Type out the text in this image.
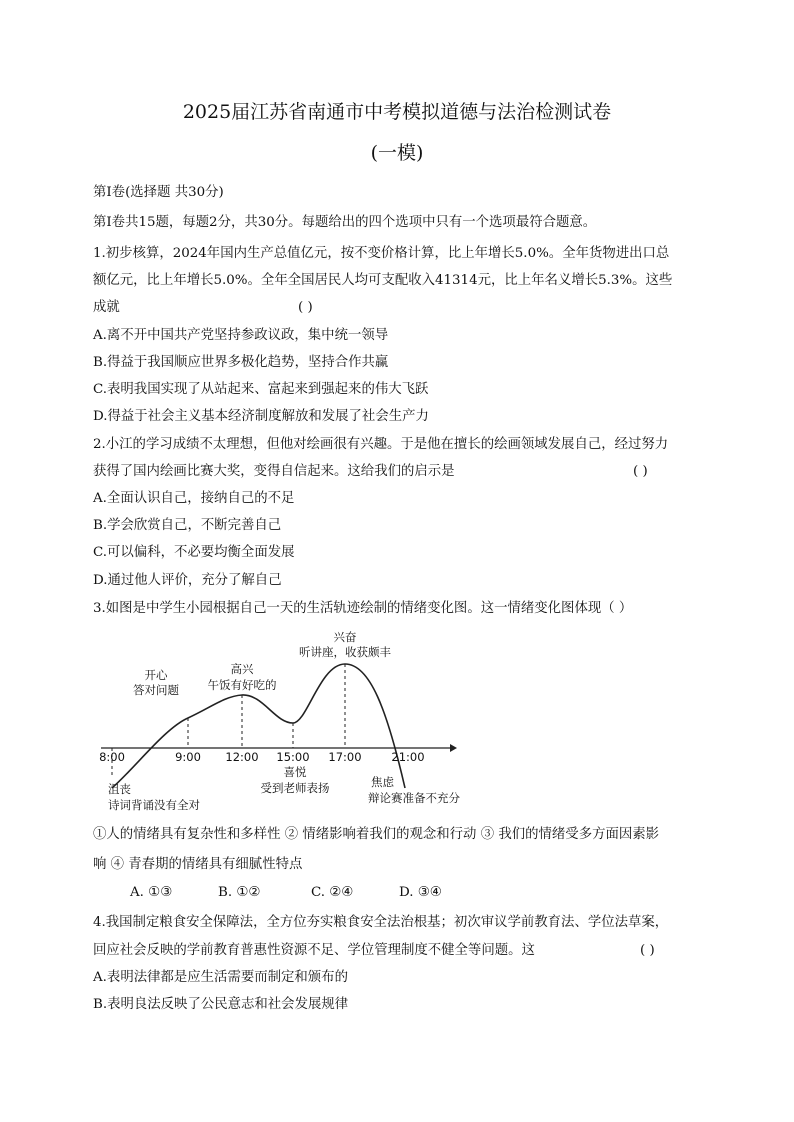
2025届江苏省南通市中考模拟道德与法治检测试卷
(一模)
第Ⅰ卷(选择题 共30分)
第Ⅰ卷共15题，每题2分，共30分。每题给出的四个选项中只有一个选项最符合题意。
1.初步核算，2024年国内生产总值亿元，按不变价格计算，比上年增长5.0%。全年货物进出口总
额亿元，比上年增长5.0%。全年全国居民人均可支配收入41314元，比上年名义增长5.3%。这些
成就	( )
A.离不开中国共产党坚持参政议政，集中统一领导
B.得益于我国顺应世界多极化趋势，坚持合作共赢
C.表明我国实现了从站起来、富起来到强起来的伟大飞跃
D.得益于社会主义基本经济制度解放和发展了社会生产力
2.小江的学习成绩不太理想，但他对绘画很有兴趣。于是他在擅长的绘画领域发展自己，经过努力
获得了国内绘画比赛大奖，变得自信起来。这给我们的启示是	( )
A.全面认识自己，接纳自己的不足
B.学会欣赏自己，不断完善自己
C.可以偏科，不必要均衡全面发展
D.通过他人评价，充分了解自己
3.如图是中学生小园根据自己一天的生活轨迹绘制的情绪变化图。这一情绪变化图体现（ ）
8:00	9:00 12:00 15:00 17:00	21:00
开心
答对问题
高兴
午饭有好吃的
兴奋
听讲座，收获颇丰
沮丧
诗词背诵没有全对
喜悦
受到老师表扬	焦虑
辩论赛准备不充分
①人的情绪具有复杂性和多样性 ② 情绪影响着我们的观念和行动 ③ 我们的情绪受多方面因素影
响 ④ 青春期的情绪具有细腻性特点
A. ①③	B. ①②	C. ②④	D. ③④
4.我国制定粮食安全保障法，全方位夯实粮食安全法治根基；初次审议学前教育法、学位法草案，
回应社会反映的学前教育普惠性资源不足、学位管理制度不健全等问题。这	( )
A.表明法律都是应生活需要而制定和颁布的
B.表明良法反映了公民意志和社会发展规律
